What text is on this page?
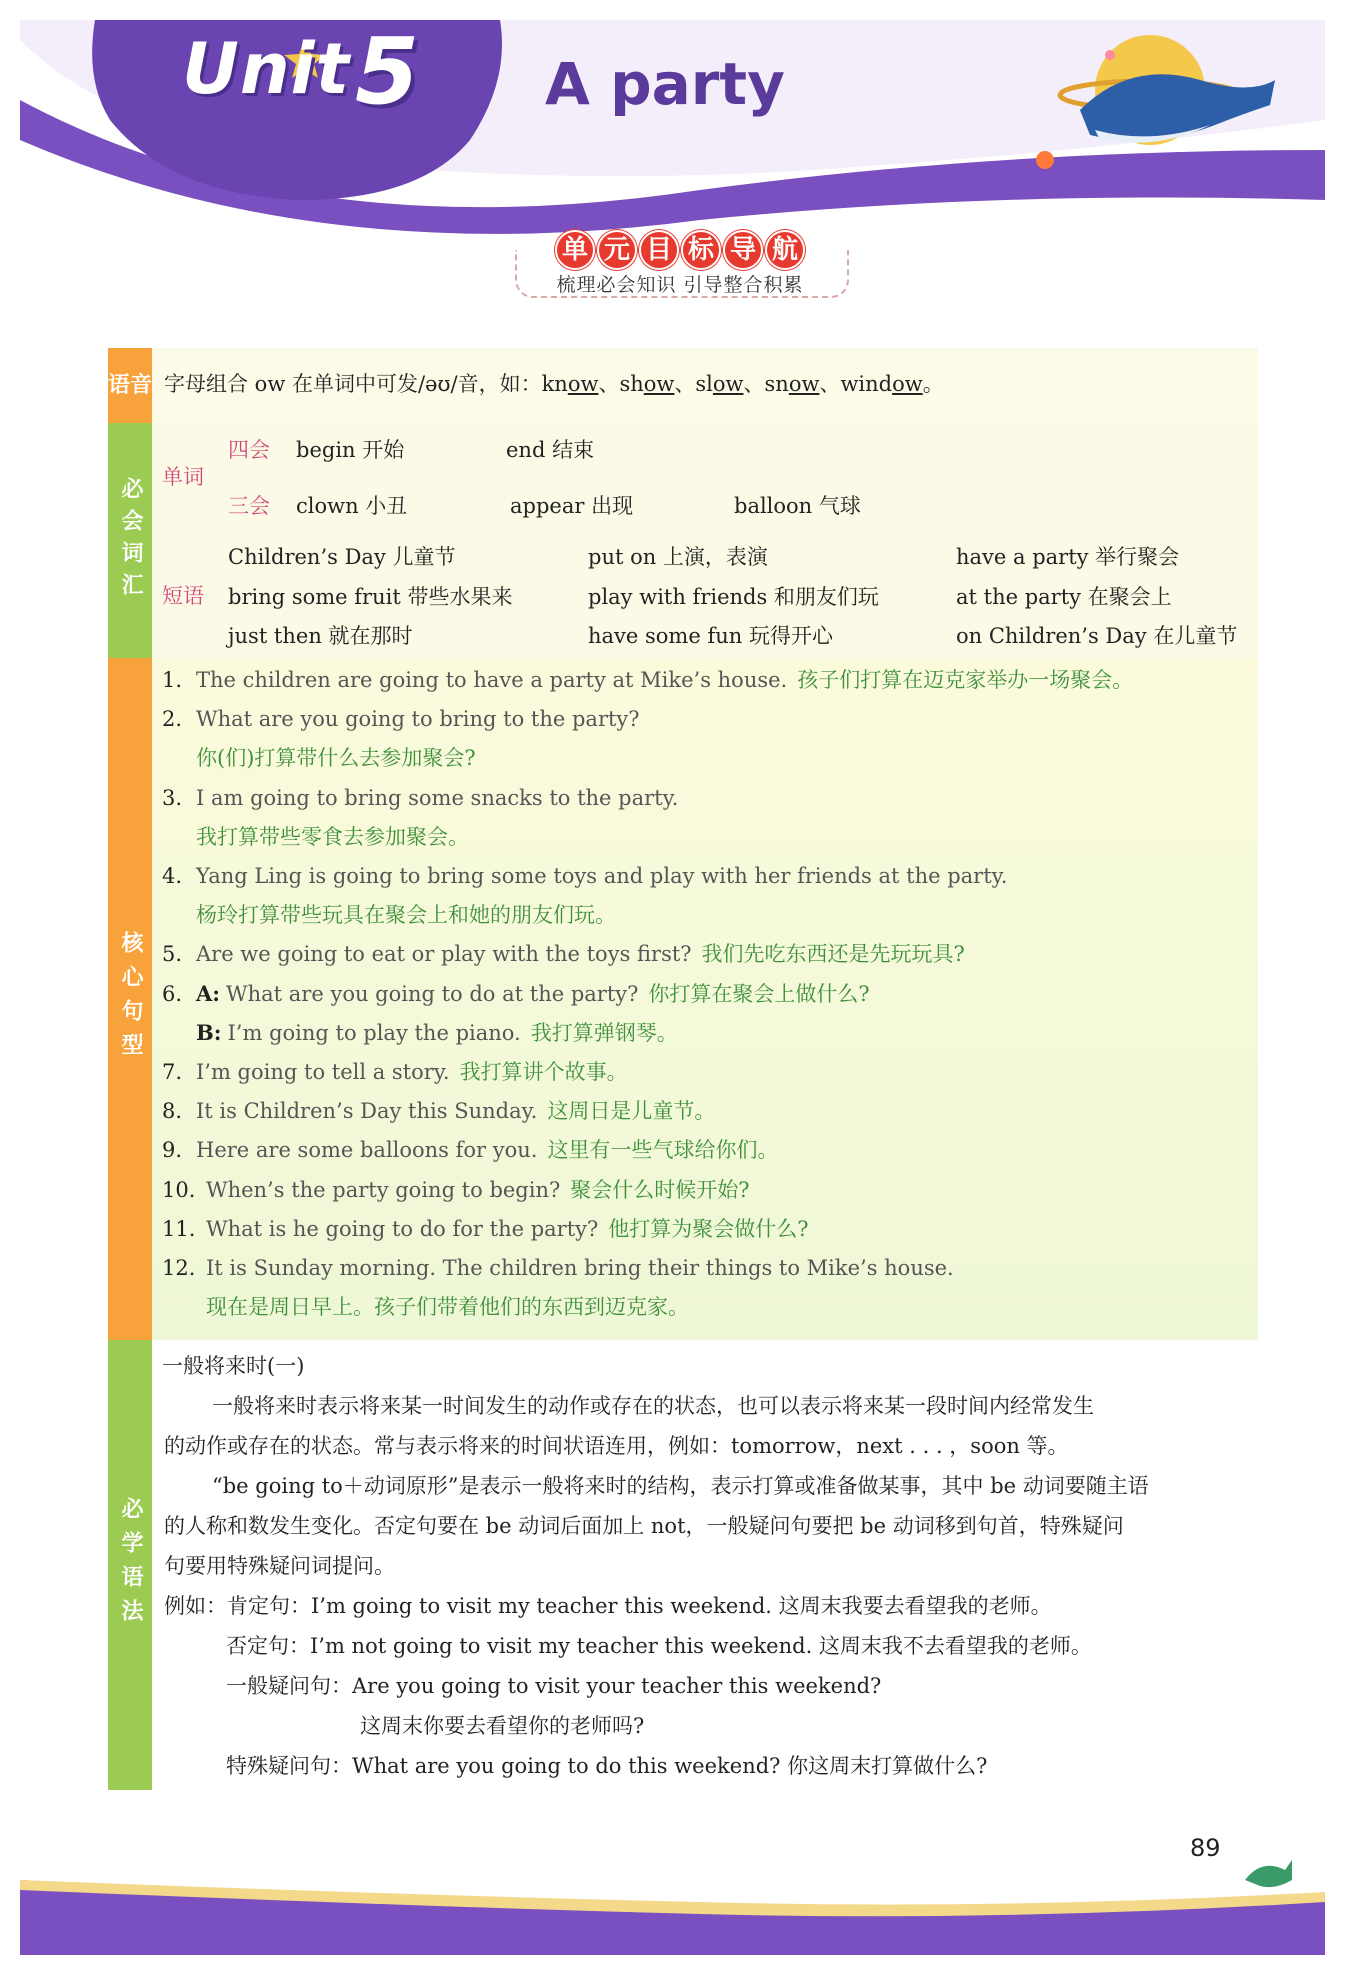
Unit 5 A party
单 元 目 标 导 航
梳理必会知识 引导整合积累
语音
必会词汇
核心句型
必学语法
字母组合 ow 在单词中可发/əʊ/音，如：know、show、slow、snow、window。
单词
四会 begin 开始	end 结束
三会 clown 小丑	appear 出现	balloon 气球
短语
Children’s Day 儿童节	put on 上演，表演	have a party 举行聚会
bring some fruit 带些水果来	play with friends 和朋友们玩	at the party 在聚会上
just then 就在那时	have some fun 玩得开心	on Children’s Day 在儿童节
1. The children are going to have a party at Mike’s house. 孩子们打算在迈克家举办一场聚会。
2. What are you going to bring to the party?
你(们)打算带什么去参加聚会?
3. I am going to bring some snacks to the party.
我打算带些零食去参加聚会。
4. Yang Ling is going to bring some toys and play with her friends at the party.
杨玲打算带些玩具在聚会上和她的朋友们玩。
5. Are we going to eat or play with the toys first? 我们先吃东西还是先玩玩具?
6. A: What are you going to do at the party? 你打算在聚会上做什么?
B: I’m going to play the piano. 我打算弹钢琴。
7. I’m going to tell a story. 我打算讲个故事。
8. It is Children’s Day this Sunday. 这周日是儿童节。
9. Here are some balloons for you. 这里有一些气球给你们。
10. When’s the party going to begin? 聚会什么时候开始?
11. What is he going to do for the party? 他打算为聚会做什么?
12. It is Sunday morning. The children bring their things to Mike’s house.
现在是周日早上。孩子们带着他们的东西到迈克家。
一般将来时(一)
一般将来时表示将来某一时间发生的动作或存在的状态，也可以表示将来某一段时间内经常发生
的动作或存在的状态。常与表示将来的时间状语连用，例如：tomorrow，next . . . ，soon 等。
“be going to＋动词原形”是表示一般将来时的结构，表示打算或准备做某事，其中 be 动词要随主语
的人称和数发生变化。否定句要在 be 动词后面加上 not，一般疑问句要把 be 动词移到句首，特殊疑问
句要用特殊疑问词提问。
例如：肯定句：I’m going to visit my teacher this weekend. 这周末我要去看望我的老师。
否定句：I’m not going to visit my teacher this weekend. 这周末我不去看望我的老师。
一般疑问句：Are you going to visit your teacher this weekend?
这周末你要去看望你的老师吗?
特殊疑问句：What are you going to do this weekend? 你这周末打算做什么?
89
